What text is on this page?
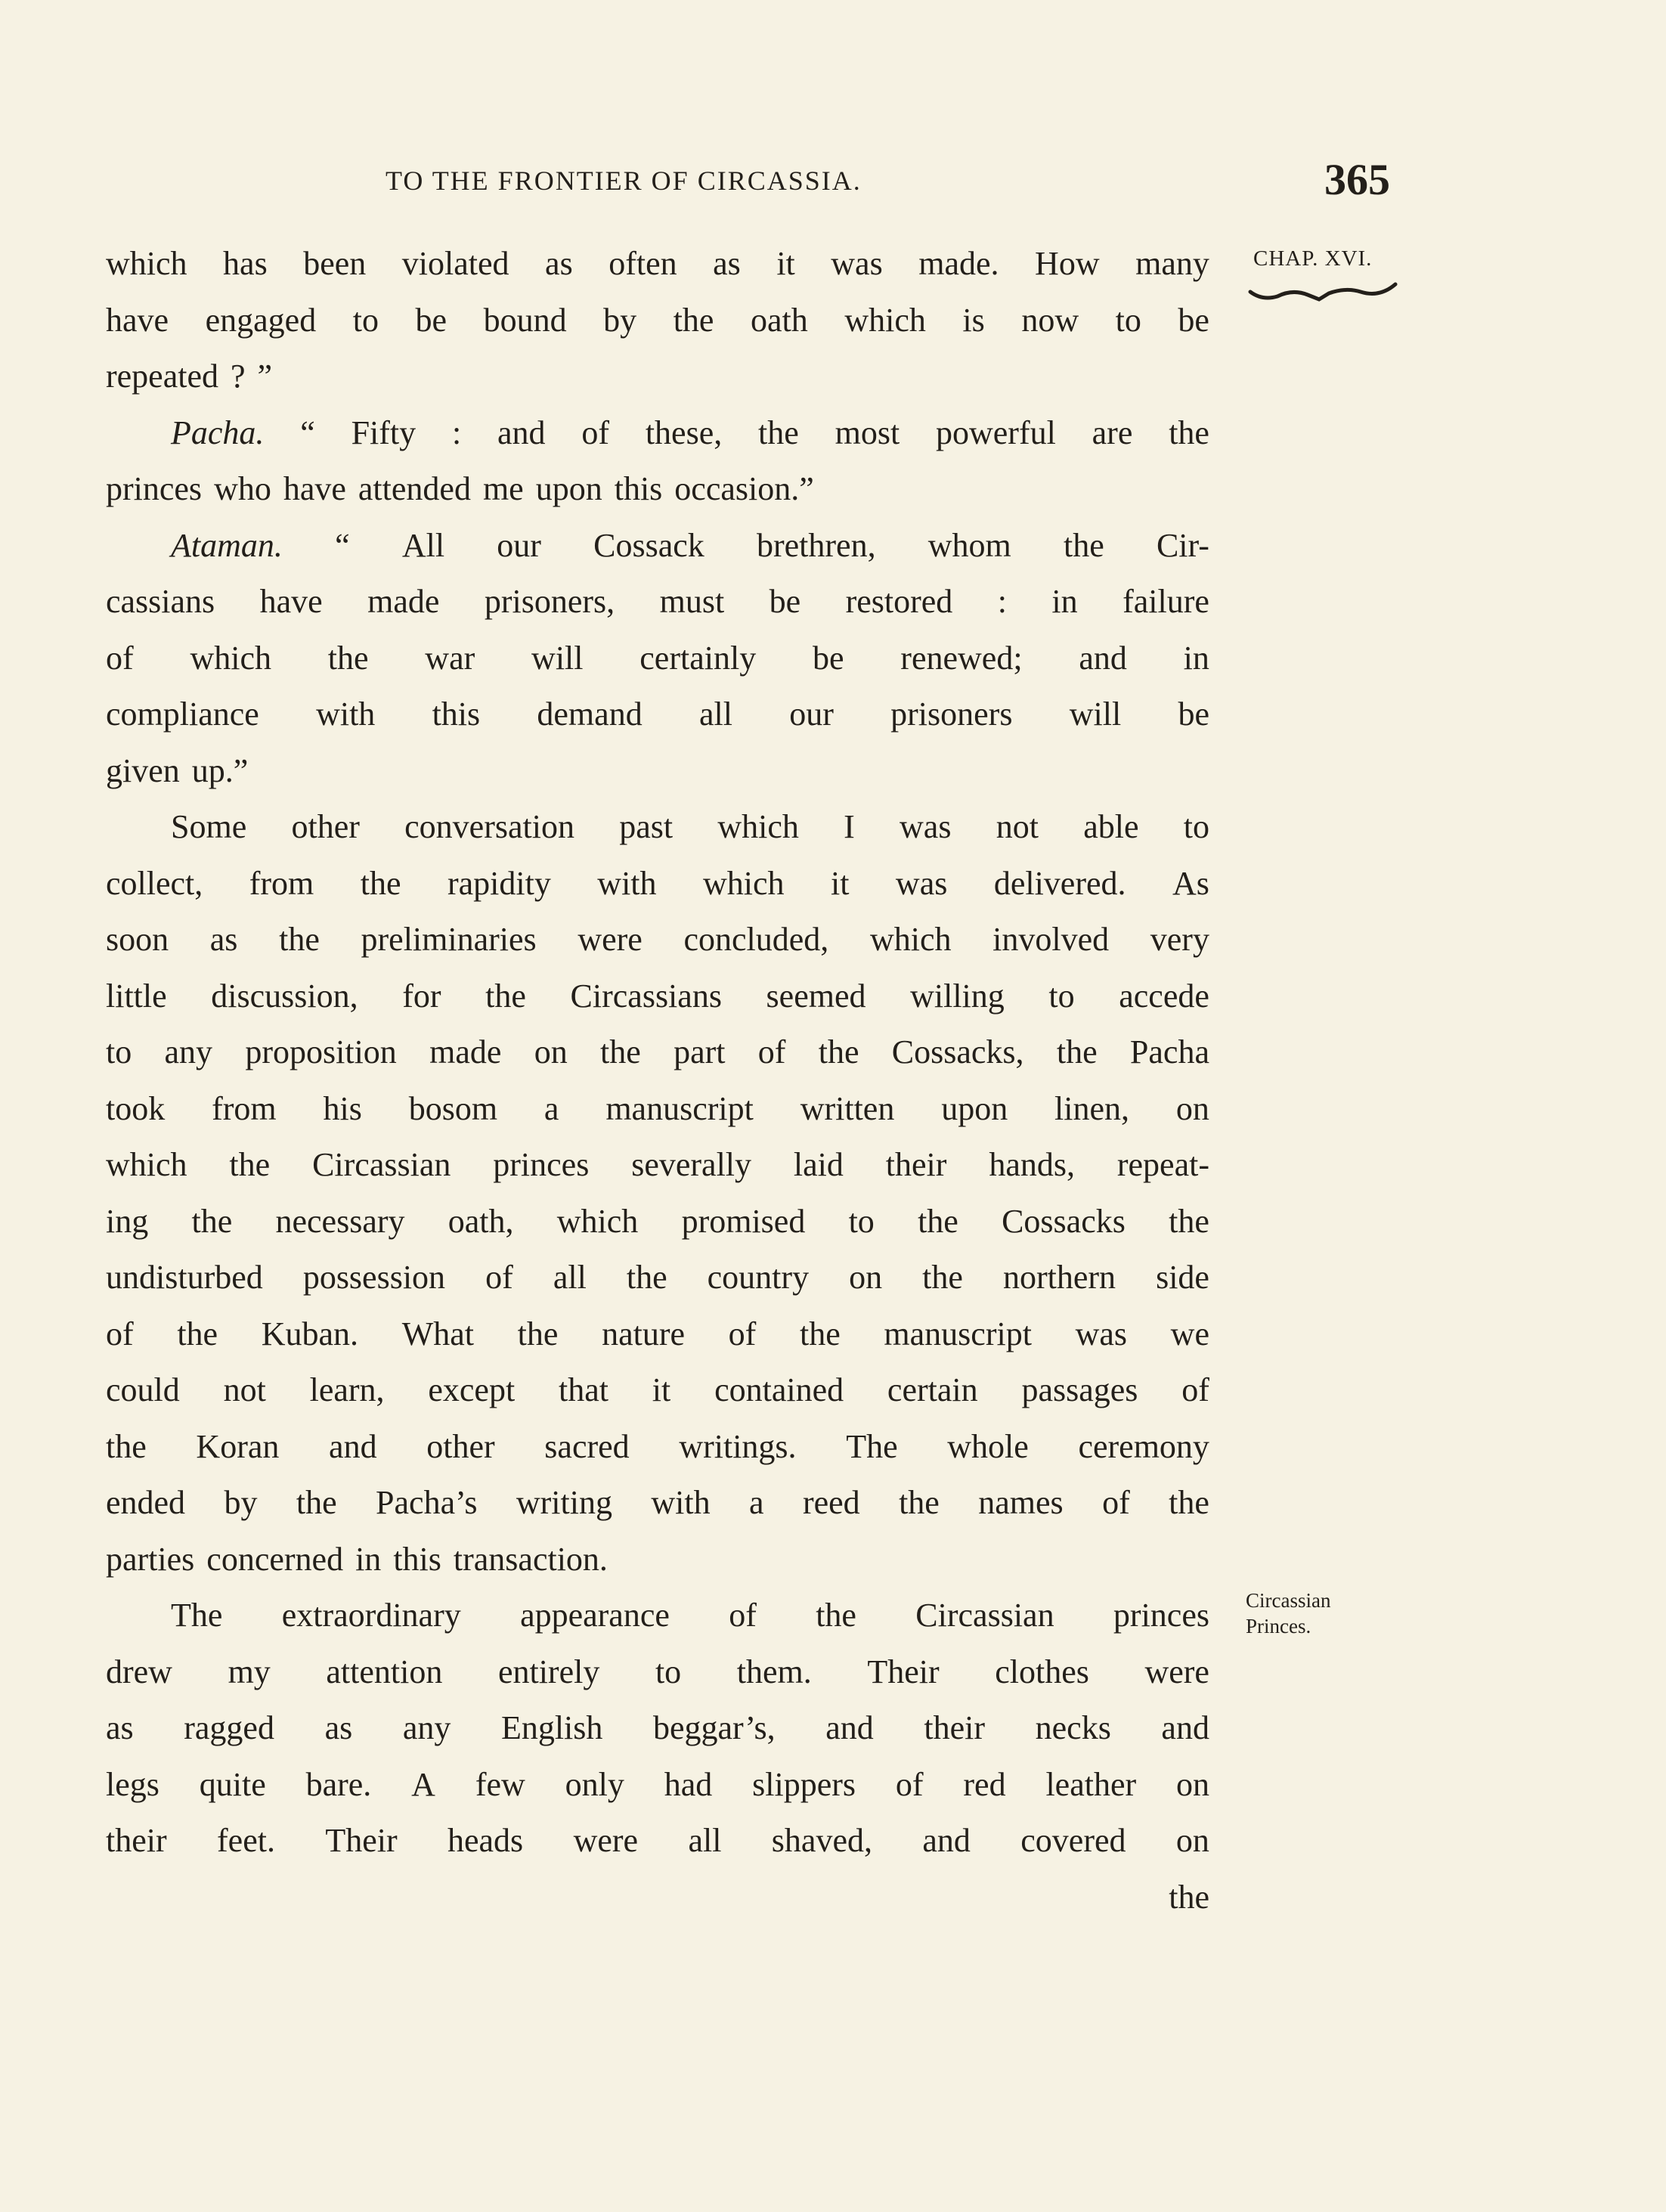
TO THE FRONTIER OF CIRCASSIA.	365
CHAP. XVI.
Circassian
Princes.
which has been violated as often as it was made. How many
have engaged to be bound by the oath which is now to be
repeated ? ”
Pacha. “ Fifty : and of these, the most powerful are the
princes who have attended me upon this occasion.”
Ataman. “ All our Cossack brethren, whom the Cir-
cassians have made prisoners, must be restored : in failure
of which the war will certainly be renewed; and in
compliance with this demand all our prisoners will be
given up.”
Some other conversation past which I was not able to
collect, from the rapidity with which it was delivered. As
soon as the preliminaries were concluded, which involved very
little discussion, for the Circassians seemed willing to accede
to any proposition made on the part of the Cossacks, the Pacha
took from his bosom a manuscript written upon linen, on
which the Circassian princes severally laid their hands, repeat-
ing the necessary oath, which promised to the Cossacks the
undisturbed possession of all the country on the northern side
of the Kuban. What the nature of the manuscript was we
could not learn, except that it contained certain passages of
the Koran and other sacred writings. The whole ceremony
ended by the Pacha’s writing with a reed the names of the
parties concerned in this transaction.
The extraordinary appearance of the Circassian princes
drew my attention entirely to them. Their clothes were
as ragged as any English beggar’s, and their necks and
legs quite bare. A few only had slippers of red leather on
their feet. Their heads were all shaved, and covered on
the
